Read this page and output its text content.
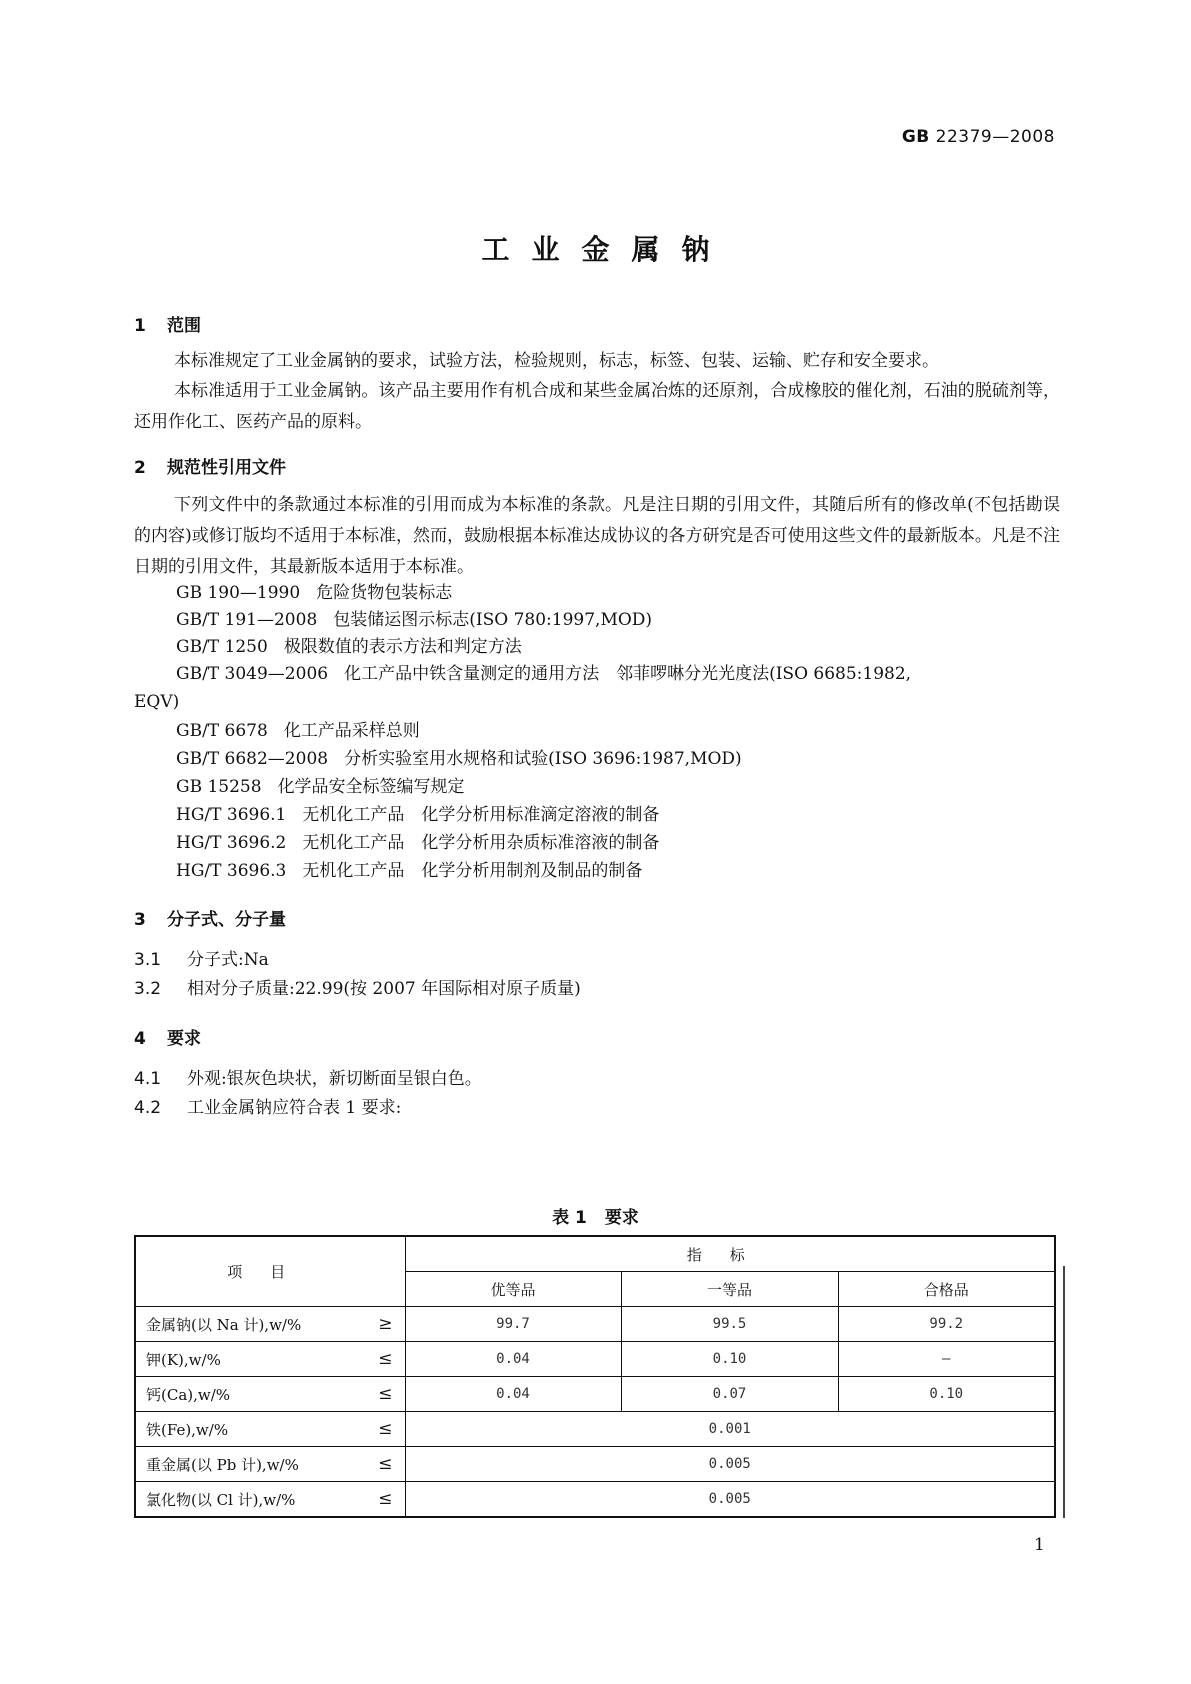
GB 22379—2008
工业金属钠
1 范围

本标准规定了工业金属钠的要求，试验方法，检验规则，标志，标签、包装、运输、贮存和安全要求。

本标准适用于工业金属钠。该产品主要用作有机合成和某些金属冶炼的还原剂，合成橡胶的催化剂，石油的脱硫剂等，还用作化工、医药产品的原料。

2 规范性引用文件

下列文件中的条款通过本标准的引用而成为本标准的条款。凡是注日期的引用文件，其随后所有的修改单(不包括勘误的内容)或修订版均不适用于本标准，然而，鼓励根据本标准达成协议的各方研究是否可使用这些文件的最新版本。凡是不注日期的引用文件，其最新版本适用于本标准。

GB 190—1990 危险货物包装标志
GB/T 191—2008 包装储运图示标志(ISO 780:1997,MOD)
GB/T 1250 极限数值的表示方法和判定方法
GB/T 3049—2006 化工产品中铁含量测定的通用方法　邻菲啰啉分光光度法(ISO 6685:1982,
EQV)
GB/T 6678 化工产品采样总则
GB/T 6682—2008 分析实验室用水规格和试验(ISO 3696:1987,MOD)
GB 15258 化学品安全标签编写规定
HG/T 3696.1 无机化工产品　化学分析用标准滴定溶液的制备
HG/T 3696.2 无机化工产品　化学分析用杂质标准溶液的制备
HG/T 3696.3 无机化工产品　化学分析用制剂及制品的制备
3 分子式、分子量
3.1 分子式:Na
3.2 相对分子质量:22.99(按 2007 年国际相对原子质量)
4 要求
4.1 外观:银灰色块状，新切断面呈银白色。
4.2 工业金属钠应符合表 1 要求:
表 1 要求
项目	指标		
	优等品	一等品	合格品
金属钠(以 Na 计),w/% ≥	99.7	99.5	99.2
钾(K),w/% ≤	0.04	0.10	—
钙(Ca),w/% ≤	0.04	0.07	0.10
铁(Fe),w/% ≤	0.001		
重金属(以 Pb 计),w/% ≤	0.005		
氯化物(以 Cl 计),w/% ≤	0.005		
1
